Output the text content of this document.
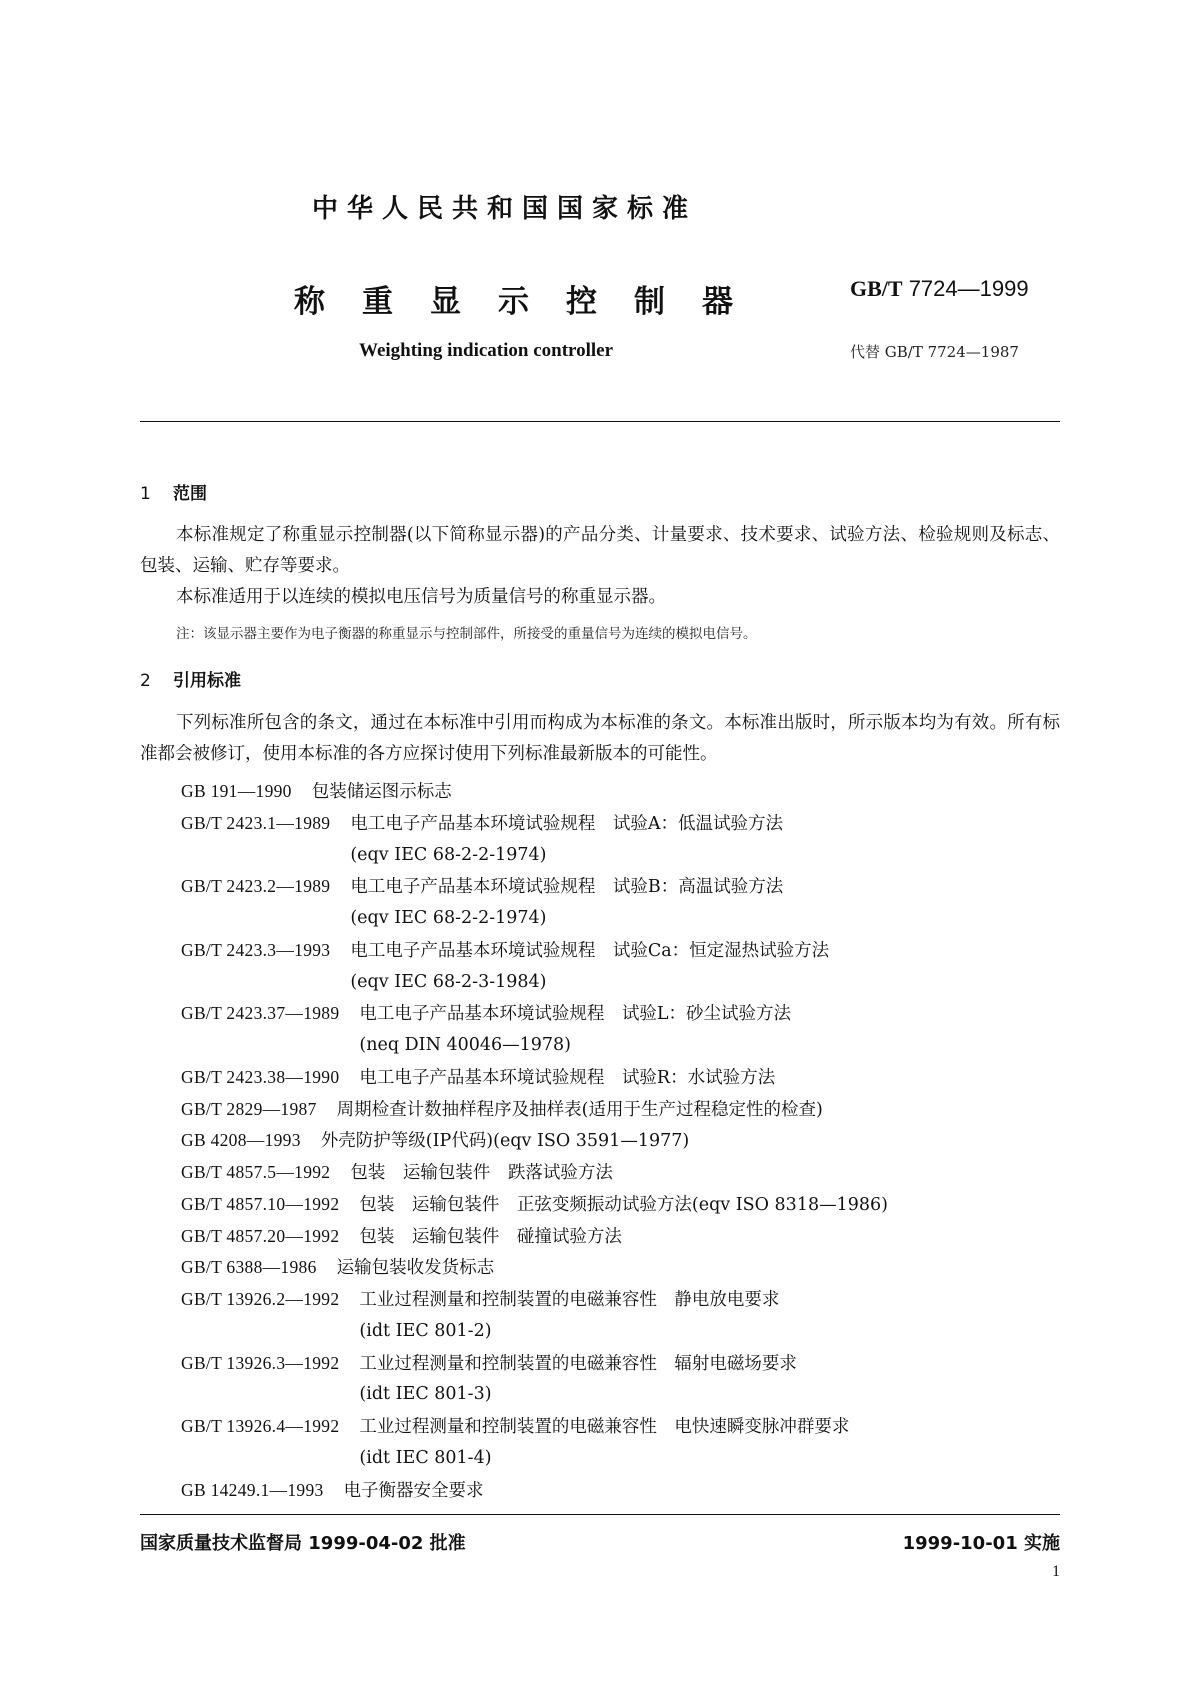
中华人民共和国国家标准
称重显示控制器	GB/T 7724—1999
Weighting indication controller	代替 GB/T 7724—1987
1 范围
本标准规定了称重显示控制器(以下简称显示器)的产品分类、计量要求、技术要求、试验方法、检验规则及标志、包装、运输、贮存等要求。
本标准适用于以连续的模拟电压信号为质量信号的称重显示器。
注：该显示器主要作为电子衡器的称重显示与控制部件，所接受的重量信号为连续的模拟电信号。
2 引用标准
下列标准所包含的条文，通过在本标准中引用而构成为本标准的条文。本标准出版时，所示版本均为有效。所有标准都会被修订，使用本标准的各方应探讨使用下列标准最新版本的可能性。
GB 191—1990 包装储运图示标志
GB/T 2423.1—1989 电工电子产品基本环境试验规程　试验A：低温试验方法
(eqv IEC 68-2-2-1974)
GB/T 2423.2—1989 电工电子产品基本环境试验规程　试验B：高温试验方法
(eqv IEC 68-2-2-1974)
GB/T 2423.3—1993 电工电子产品基本环境试验规程　试验Ca：恒定湿热试验方法
(eqv IEC 68-2-3-1984)
GB/T 2423.37—1989 电工电子产品基本环境试验规程　试验L：砂尘试验方法
(neq DIN 40046—1978)
GB/T 2423.38—1990 电工电子产品基本环境试验规程　试验R：水试验方法
GB/T 2829—1987 周期检查计数抽样程序及抽样表(适用于生产过程稳定性的检查)
GB 4208—1993 外壳防护等级(IP代码)(eqv ISO 3591—1977)
GB/T 4857.5—1992 包装　运输包装件　跌落试验方法
GB/T 4857.10—1992 包装　运输包装件　正弦变频振动试验方法(eqv ISO 8318—1986)
GB/T 4857.20—1992 包装　运输包装件　碰撞试验方法
GB/T 6388—1986 运输包装收发货标志
GB/T 13926.2—1992 工业过程测量和控制装置的电磁兼容性　静电放电要求
(idt IEC 801-2)
GB/T 13926.3—1992 工业过程测量和控制装置的电磁兼容性　辐射电磁场要求
(idt IEC 801-3)
GB/T 13926.4—1992 工业过程测量和控制装置的电磁兼容性　电快速瞬变脉冲群要求
(idt IEC 801-4)
GB 14249.1—1993 电子衡器安全要求
国家质量技术监督局 1999-04-02 批准	1999-10-01 实施
1
